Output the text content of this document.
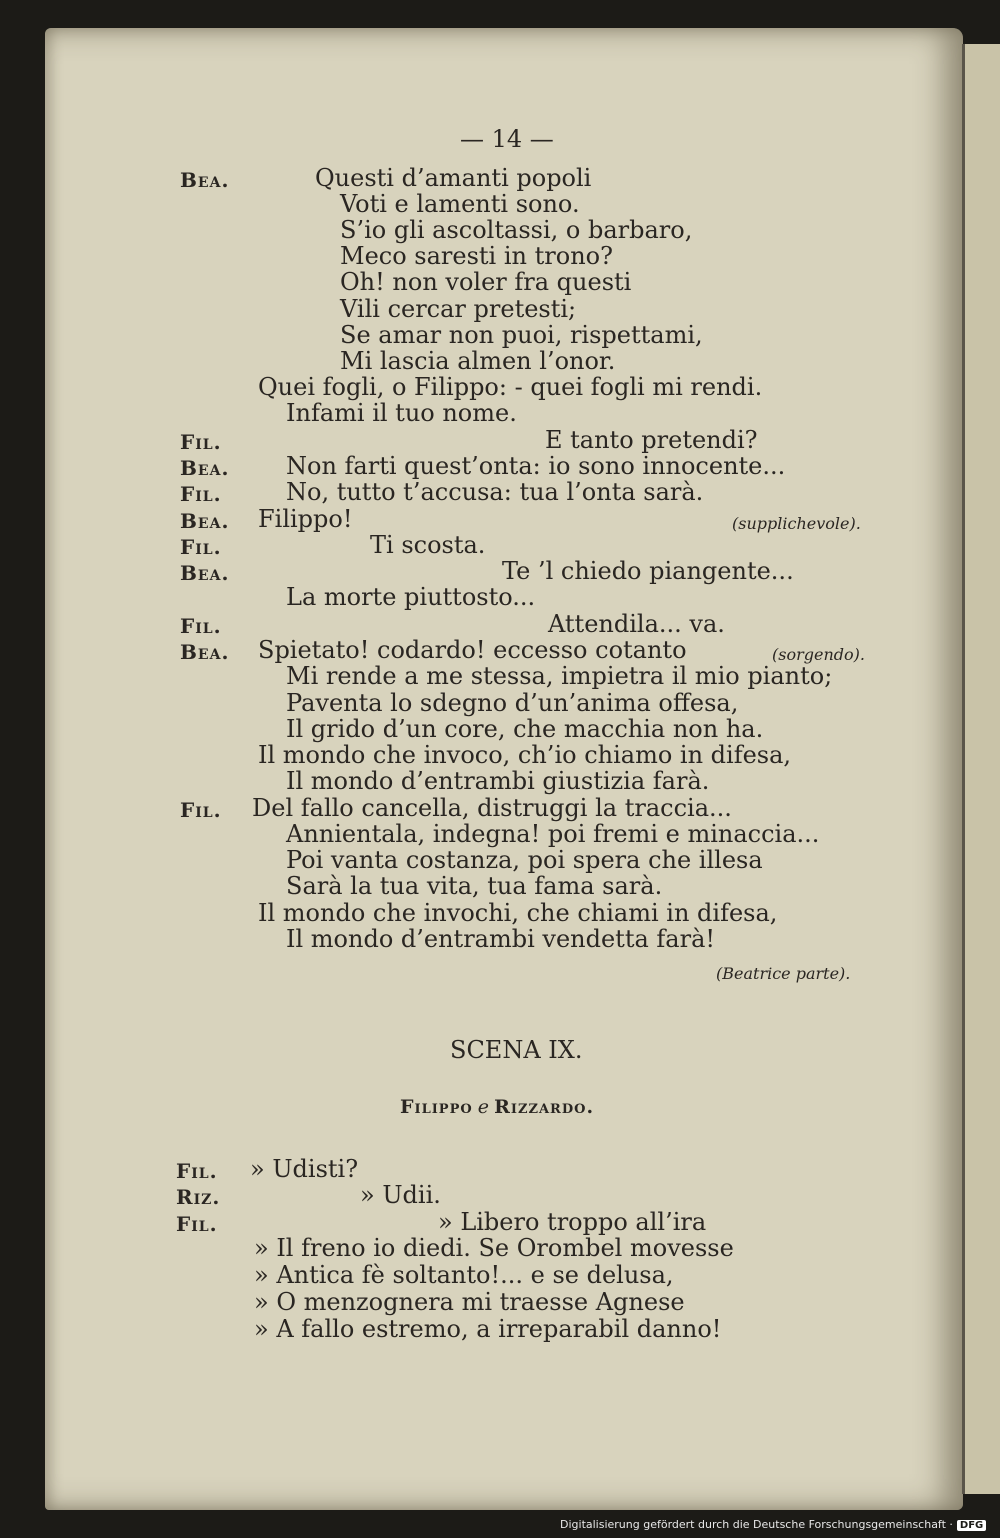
— 14 —
Bea.	Questi d’amanti popoli
Voti e lamenti sono.
S’io gli ascoltassi, o barbaro,
Meco saresti in trono?
Oh! non voler fra questi
Vili cercar pretesti;
Se amar non puoi, rispettami,
Mi lascia almen l’onor.
Quei fogli, o Filippo: - quei fogli mi rendi.
Infami il tuo nome.
Fil.	E tanto pretendi?
Bea. Non farti quest’onta: io sono innocente...
Fil.	No, tutto t’accusa: tua l’onta sarà.
Bea. Filippo!	(supplichevole).
Fil.	Ti scosta.
Bea.	Te ’l chiedo piangente...
La morte piuttosto...
Fil.	Attendila... va.
Bea. Spietato! codardo! eccesso cotanto	(sorgendo).
Mi rende a me stessa, impietra il mio pianto;
Paventa lo sdegno d’un’anima offesa,
Il grido d’un core, che macchia non ha.
Il mondo che invoco, ch’io chiamo in difesa,
Il mondo d’entrambi giustizia farà.
Fil. Del fallo cancella, distruggi la traccia...
Annientala, indegna! poi fremi e minaccia...
Poi vanta costanza, poi spera che illesa
Sarà la tua vita, tua fama sarà.
Il mondo che invochi, che chiami in difesa,
Il mondo d’entrambi vendetta farà!
(Beatrice parte).
SCENA IX.
Filippo e Rizzardo.
Fil. » Udisti?
Riz.	» Udii.
Fil.	» Libero troppo all’ira
» Il freno io diedi. Se Orombel movesse
» Antica fè soltanto!... e se delusa,
» O menzognera mi traesse Agnese
» A fallo estremo, a irreparabil danno!
Digitalisierung gefördert durch die Deutsche Forschungsgemeinschaft · DFG
